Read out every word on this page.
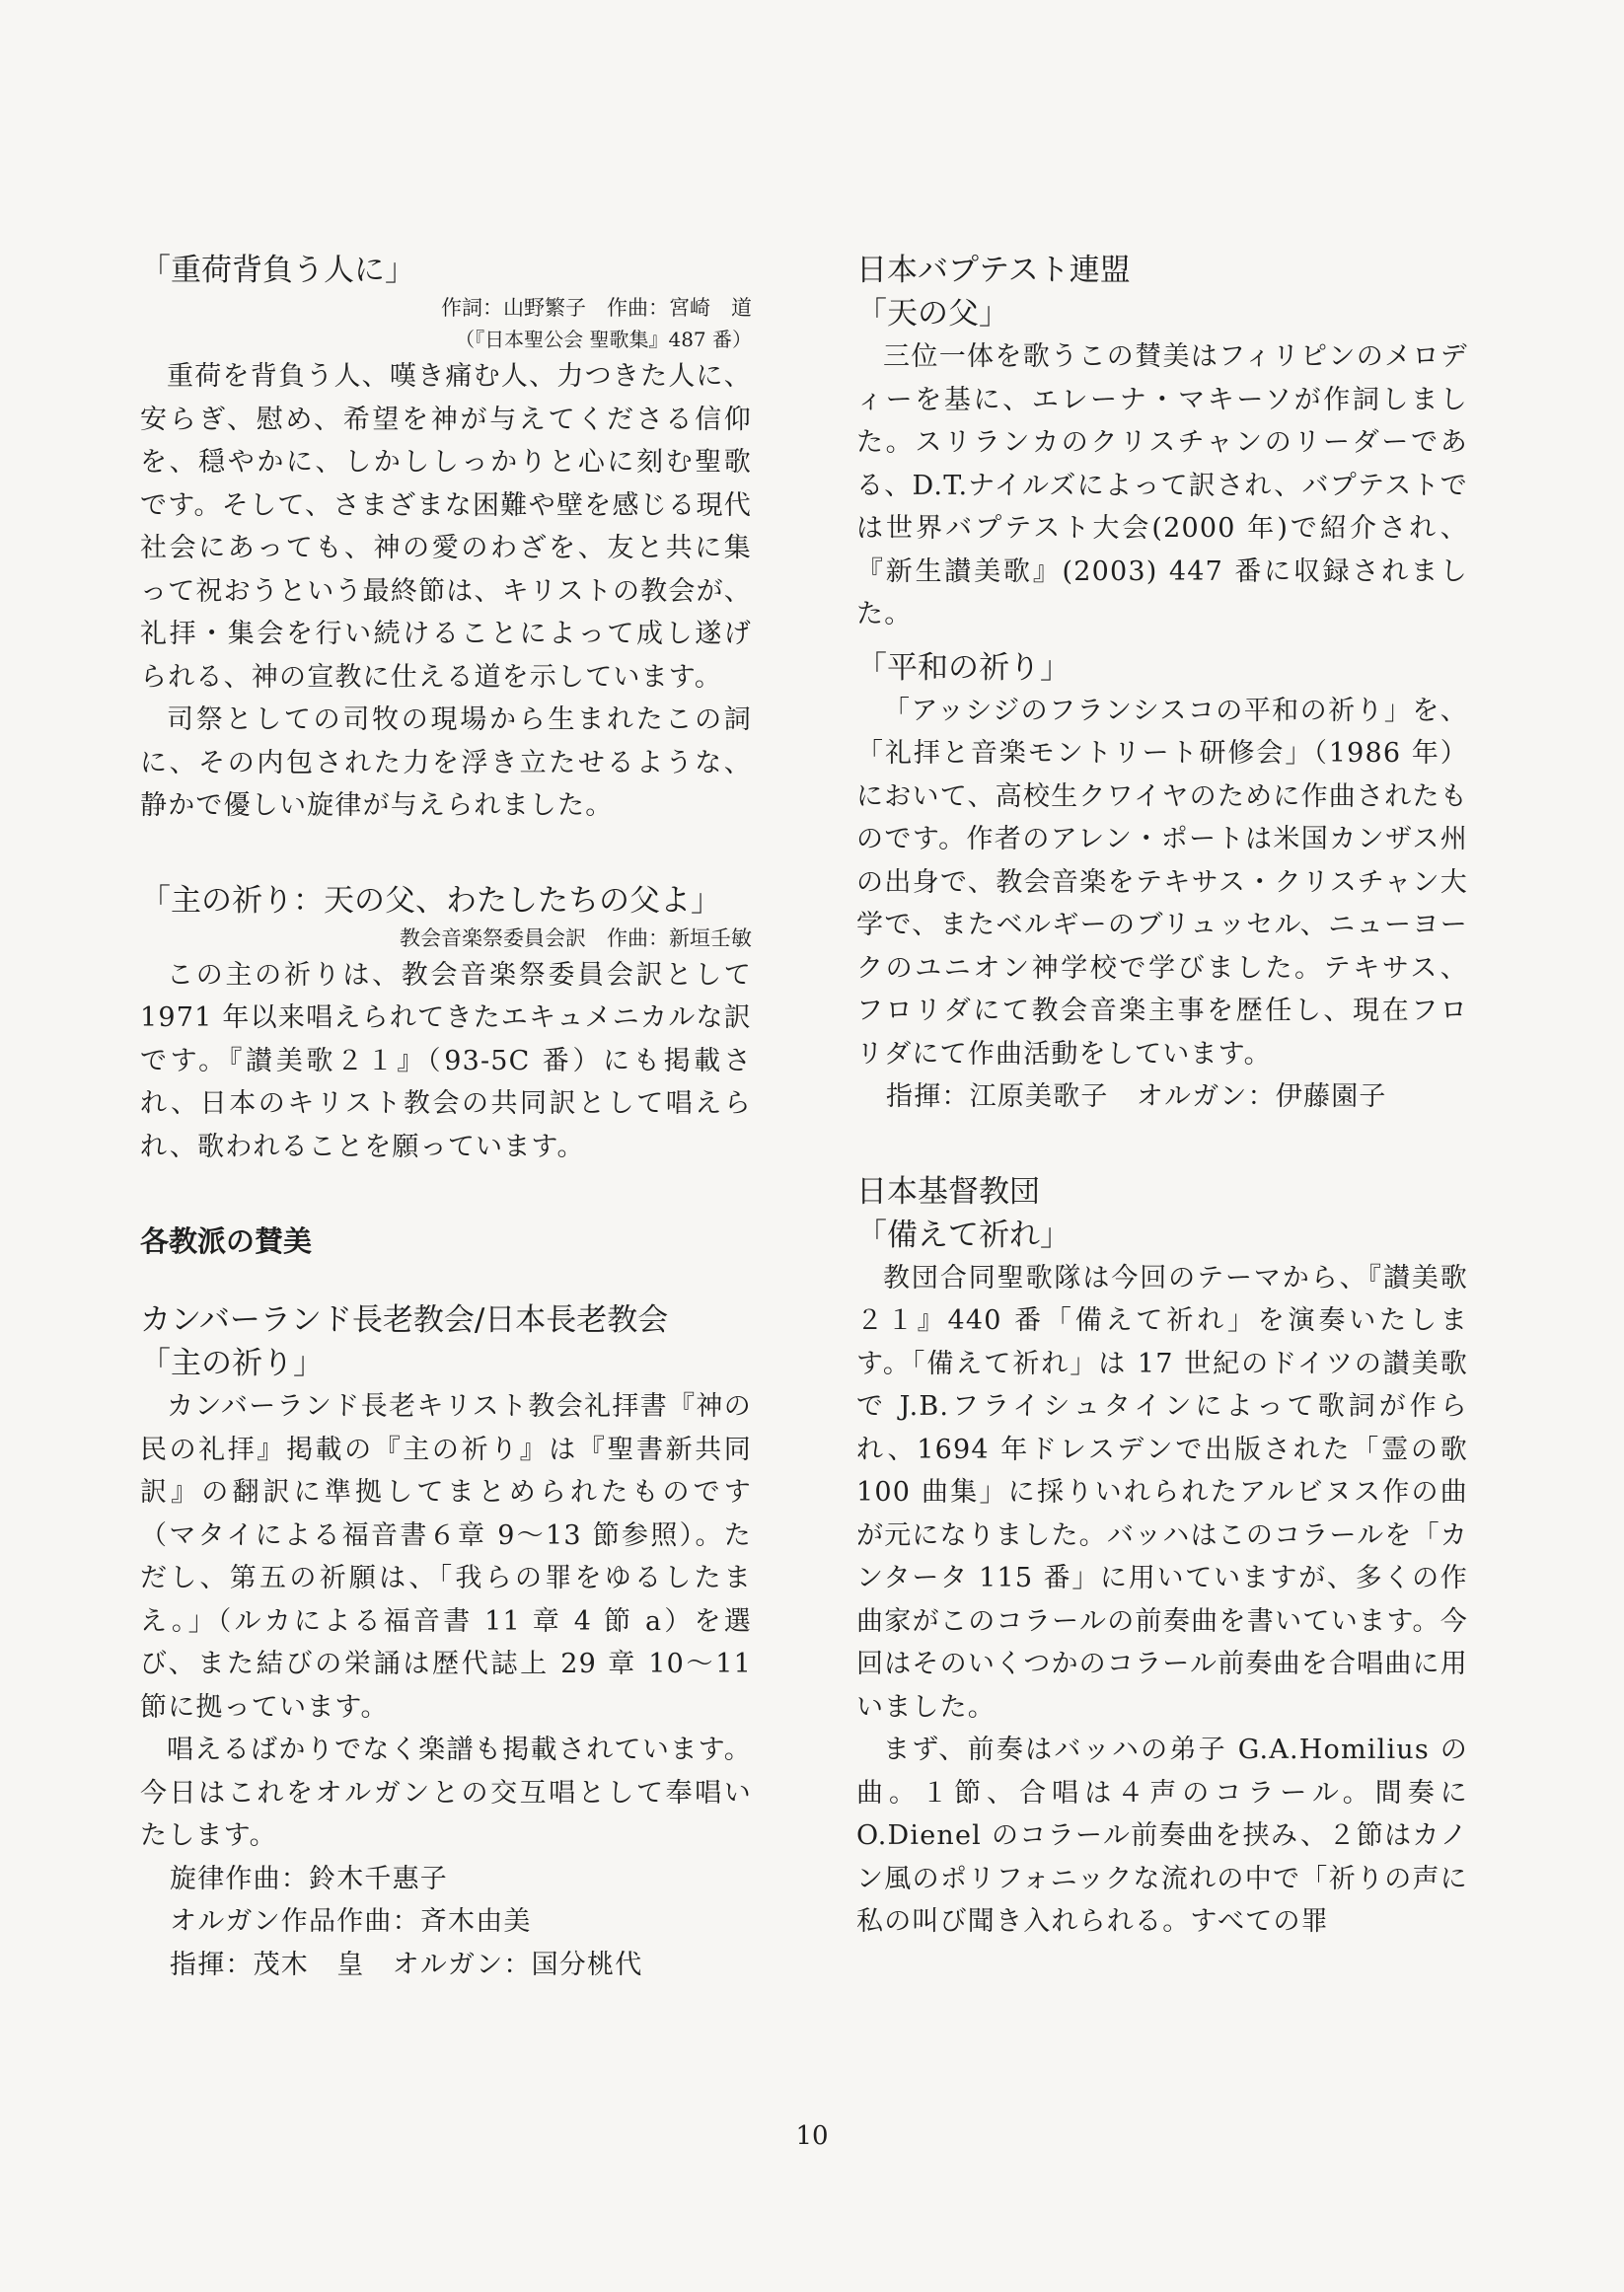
「重荷背負う人に」

作詞：山野繁子　作曲：宮崎　道

（『日本聖公会 聖歌集』487 番）

重荷を背負う人、嘆き痛む人、力つきた人に、安らぎ、慰め、希望を神が与えてくださる信仰を、穏やかに、しかししっかりと心に刻む聖歌です。そして、さまざまな困難や壁を感じる現代社会にあっても、神の愛のわざを、友と共に集って祝おうという最終節は、キリストの教会が、礼拝・集会を行い続けることによって成し遂げられる、神の宣教に仕える道を示しています。

司祭としての司牧の現場から生まれたこの詞に、その内包された力を浮き立たせるような、静かで優しい旋律が与えられました。

「主の祈り：天の父、わたしたちの父よ」

教会音楽祭委員会訳　作曲：新垣壬敏

この主の祈りは、教会音楽祭委員会訳として 1971 年以来唱えられてきたエキュメニカルな訳です。『讃美歌２１』（93-5C 番）にも掲載され、日本のキリスト教会の共同訳として唱えられ、歌われることを願っています。

各教派の賛美

カンバーランド長老教会/日本長老教会

「主の祈り」

カンバーランド長老キリスト教会礼拝書『神の民の礼拝』掲載の『主の祈り』は『聖書新共同訳』の翻訳に準拠してまとめられたものです（マタイによる福音書６章 9～13 節参照）。ただし、第五の祈願は、「我らの罪をゆるしたまえ。」（ルカによる福音書 11 章 4 節 a）を選び、また結びの栄誦は歴代誌上 29 章 10～11 節に拠っています。

唱えるばかりでなく楽譜も掲載されています。今日はこれをオルガンとの交互唱として奉唱いたします。

旋律作曲：鈴木千惠子

オルガン作品作曲：斉木由美

指揮：茂木　皇　オルガン：国分桃代

日本バプテスト連盟

「天の父」

三位一体を歌うこの賛美はフィリピンのメロディーを基に、エレーナ・マキーソが作詞しました。スリランカのクリスチャンのリーダーである、D.T.ナイルズによって訳され、バプテストでは世界バプテスト大会(2000 年)で紹介され、『新生讃美歌』(2003) 447 番に収録されました。

「平和の祈り」

「アッシジのフランシスコの平和の祈り」を、「礼拝と音楽モントリート研修会」（1986 年）において、高校生クワイヤのために作曲されたものです。作者のアレン・ポートは米国カンザス州の出身で、教会音楽をテキサス・クリスチャン大学で、またベルギーのブリュッセル、ニューヨークのユニオン神学校で学びました。テキサス、フロリダにて教会音楽主事を歴任し、現在フロリダにて作曲活動をしています。

指揮：江原美歌子　オルガン：伊藤園子

日本基督教団

「備えて祈れ」

教団合同聖歌隊は今回のテーマから、『讃美歌２１』440 番「備えて祈れ」を演奏いたします。「備えて祈れ」は 17 世紀のドイツの讃美歌で J.B.フライシュタインによって歌詞が作られ、1694 年ドレスデンで出版された「霊の歌 100 曲集」に採りいれられたアルビヌス作の曲が元になりました。バッハはこのコラールを「カンタータ 115 番」に用いていますが、多くの作曲家がこのコラールの前奏曲を書いています。今回はそのいくつかのコラール前奏曲を合唱曲に用いました。

まず、前奏はバッハの弟子 G.A.Homilius の曲。１節、合唱は４声のコラール。間奏に O.Dienel のコラール前奏曲を挟み、２節はカノン風のポリフォニックな流れの中で「祈りの声に私の叫び聞き入れられる。すべての罪

10
